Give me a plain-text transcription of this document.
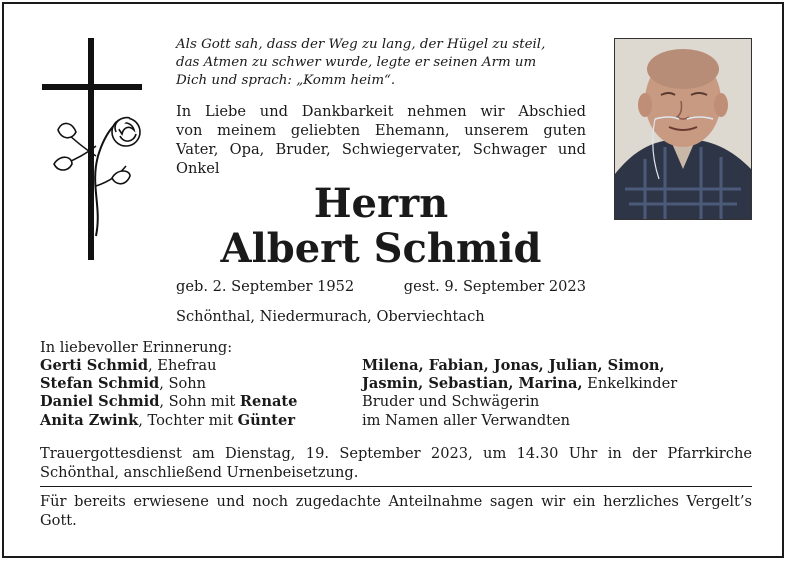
Als Gott sah, dass der Weg zu lang, der Hügel zu steil,
das Atmen zu schwer wurde, legte er seinen Arm um
Dich und sprach: „Komm heim“.
In Liebe und Dankbarkeit nehmen wir Abschied
von meinem geliebten Ehemann, unserem guten
Vater, Opa, Bruder, Schwiegervater, Schwager und
Onkel
Herrn
Albert Schmid
geb. 2. September 1952	gest. 9. September 2023
Schönthal, Niedermurach, Oberviechtach
In liebevoller Erinnerung:
Gerti Schmid, Ehefrau
Stefan Schmid, Sohn
Daniel Schmid, Sohn mit Renate
Anita Zwink, Tochter mit Günter
Milena, Fabian, Jonas, Julian, Simon,
Jasmin, Sebastian, Marina, Enkelkinder
Bruder und Schwägerin
im Namen aller Verwandten
Trauergottesdienst am Dienstag, 19. September 2023, um 14.30 Uhr in der Pfarrkirche
Schönthal, anschließend Urnenbeisetzung.
Für bereits erwiesene und noch zugedachte Anteilnahme sagen wir ein herzliches Vergelt’s
Gott.
